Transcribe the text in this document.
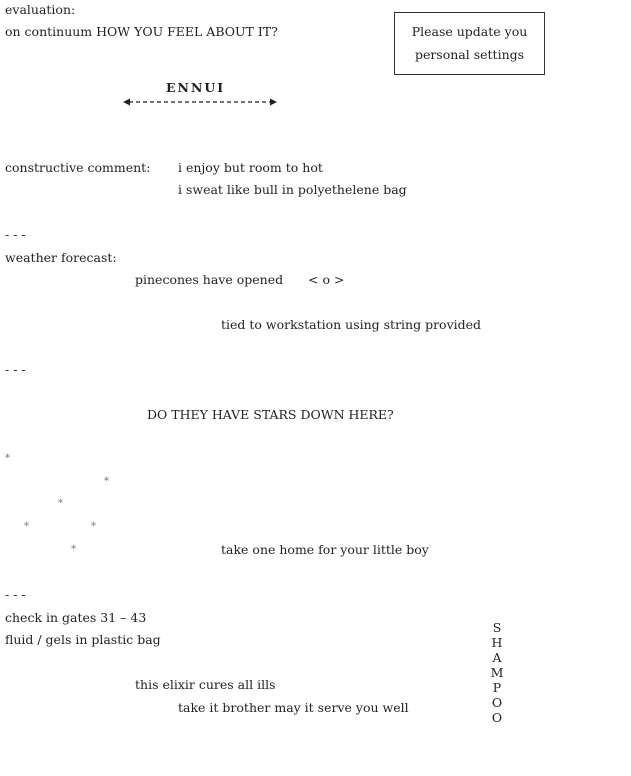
evaluation:
on continuum HOW YOU FEEL ABOUT IT?	Please update you
personal settings
ENNUI
constructive comment: i enjoy but room to hot
i sweat like bull in polyethelene bag
- - -
weather forecast:
pinecones have opened < o >
tied to workstation using string provided
- - -
DO THEY HAVE STARS DOWN HERE?
*
*
*
*	*
*	take one home for your little boy
- - -
check in gates 31 – 43
fluid / gels in plastic bag
this elixir cures all ills
take it brother may it serve you well
S
H
A
M
P
O
O
